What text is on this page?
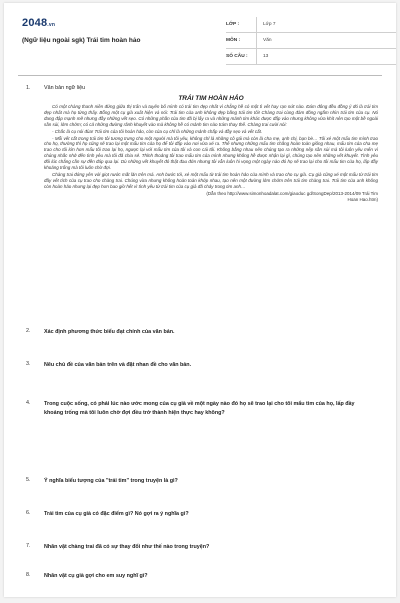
2048.vn
(Ngữ liệu ngoài sgk) Trái tim hoàn hảo
LỚP :	Lớp 7
MÔN :	Văn
SỐ CÂU :	13
1.	Văn bản ngữ liệu
TRÁI TIM HOÀN HẢO

Có một chàng thanh niên đứng giữa thị trấn và tuyên bố mình có trái tim đẹp nhất vì chẳng hề có một tì vết hay rạn nứt nào. Đám đông đều đồng ý đó là trái tim đẹp nhất mà họ từng thấy. Bỗng một cụ già xuất hiện và nói: Trái tim của anh không đẹp bằng trái tim tôi! Chàng trai cùng đám đông ngắm nhìn trái tim của cụ. Nó đang đập mạnh mẽ nhưng đầy những vết sẹo. Có những phần của tim đã bị lấy ra và những mảnh tim khác được đắp vào nhưng không vừa khít nên tạo một bề ngoài sần sùi, lởm chởm; có cả những đường rãnh khuyết vào mà không hề có mảnh tim nào trám thay thế. Chàng trai cười nói:

- Chắc là cụ nói đùa! Trái tim của tôi hoàn hảo, còn của cụ chỉ là những mảnh chắp vá đầy sẹo và vết cắt.

- Mỗi vết cắt trong trái tim tôi tương trưng cho một người mà tôi yêu, không chỉ là những cô gái mà còn là cha mẹ, anh chị, bạn bè… Tôi xé một mẩu tim mình trao cho họ, thường thì họ cũng sẽ trao lại một mẩu tim của họ để tôi đắp vào nơi vừa xé ra. Thế nhưng những mẩu tim chẳng hoàn toàn giống nhau, mẩu tim của cha mẹ trao cho tôi lớn hơn mẩu tôi trao lại họ, ngược lại với mẩu tim của tôi và con cái tôi. Không bằng nhau nên chúng tạo ra những nếp sần sùi mà tôi luôn yêu mến vì chúng nhắc nhở đến tình yêu mà tôi đã chia sẻ. Thỉnh thoảng tôi trao mẩu tim của mình nhưng không hề được nhận lại gì, chúng tạo nên những vết khuyết. Tình yêu đôi lúc chẳng cần sự đền đáp qua lại. Dù những vết khuyết đó thật đau đớn nhưng tôi vẫn luôn hi vọng một ngày nào đó họ sẽ trao lại cho tôi mẩu tim của họ, lấp đầy khoảng trống mà tôi luôn chờ đợi.

Chàng trai đứng yên với giọt nước mắt lăn trên má. Anh bước tới, xé một mẩu từ trái tim hoàn hảo của mình và trao cho cụ già. Cụ già cũng xé một mẩu từ trái tim đầy vết tích của cụ trao cho chàng trai. Chúng vừa nhưng không hoàn toàn khớp nhau, tạo nên một đường lởm chởm trên trái tim chàng trai. Trái tim của anh không còn hoàn hảo nhưng lại đẹp hơn bao giờ hết vì tình yêu từ trái tim của cụ già đã chảy trong tim anh…

(Dẫn theo http://www.simonhoadalat.com/giaoduc gd/SongDep/2013-2014/09 Trái Tim
Hoan Hao.htm)
2.	Xác định phương thức biểu đạt chính của văn bản.
3.	Nêu chủ đề của văn bản trên và đặt nhan đề cho văn bản.
4.	Trong cuộc sống, có phải lúc nào ước mong của cụ già về một ngày nào đó họ sẽ trao lại cho tôi mẩu tim của họ, lấp đầy khoảng trống mà tôi luôn chờ đợi đều trở thành hiện thực hay không?
5.	Ý nghĩa biểu tượng của "trái tim" trong truyện là gì?
6.	Trái tim của cụ già có đặc điểm gì? Nó gợi ra ý nghĩa gì?
7.	Nhân vật chàng trai đã có sự thay đổi như thế nào trong truyện?
8.	Nhân vật cụ già gợi cho em suy nghĩ gì?
